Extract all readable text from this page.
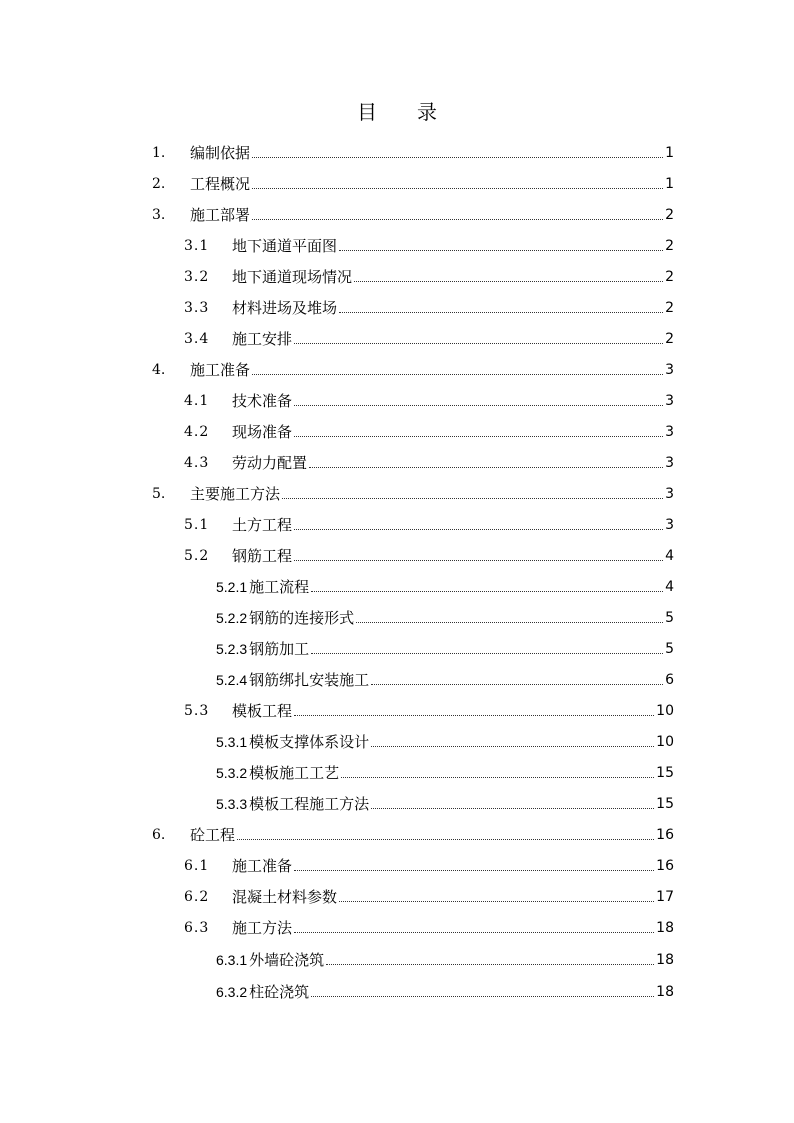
目 录
1.	编制依据	1
2.	工程概况	1
3.	施工部署	2
3.1	地下通道平面图	2
3.2	地下通道现场情况	2
3.3	材料进场及堆场	2
3.4	施工安排	2
4.	施工准备	3
4.1	技术准备	3
4.2	现场准备	3
4.3	劳动力配置	3
5.	主要施工方法	3
5.1	土方工程	3
5.2	钢筋工程	4
5.2.1 施工流程	4
5.2.2 钢筋的连接形式	5
5.2.3 钢筋加工	5
5.2.4 钢筋绑扎安装施工	6
5.3	模板工程	10
5.3.1 模板支撑体系设计	10
5.3.2 模板施工工艺	15
5.3.3 模板工程施工方法	15
6.	砼工程	16
6.1	施工准备	16
6.2	混凝土材料参数	17
6.3	施工方法	18
6.3.1 外墙砼浇筑	18
6.3.2 柱砼浇筑	18
